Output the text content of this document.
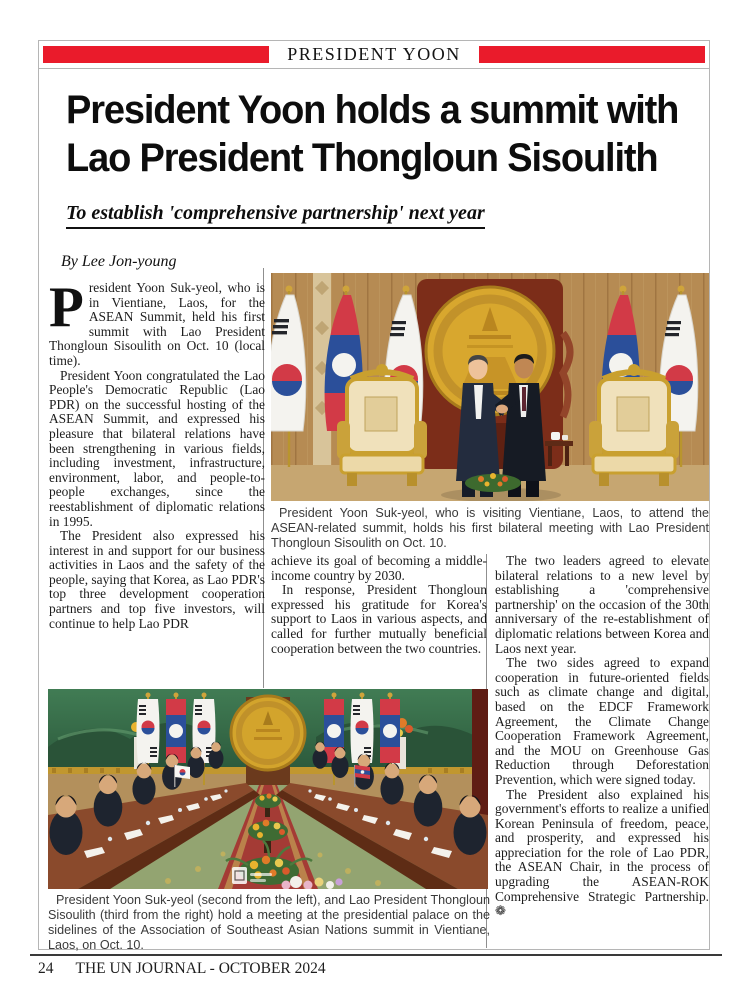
PRESIDENT YOON
President Yoon holds a summit with Lao President Thongloun Sisoulith
To establish 'comprehensive partnership' next year
By Lee Jon-young

President Yoon Suk-yeol, who is in Vientiane, Laos, for the ASEAN Summit, held his first summit with Lao President Thongloun Sisoulith on Oct. 10 (local time).

President Yoon congratulated the Lao People's Democratic Republic (Lao PDR) on the successful hosting of the ASEAN Summit, and expressed his pleasure that bilateral relations have been strengthening in various fields, including investment, infrastructure, environment, labor, and people-to-people exchanges, since the reestablishment of diplomatic relations in 1995.

The President also expressed his interest in and support for our business activities in Laos and the safety of the people, saying that Korea, as Lao PDR's top three development cooperation partners and top five investors, will continue to help Lao PDR

President Yoon Suk-yeol, who is visiting Vientiane, Laos, to attend the ASEAN-related summit, holds his first bilateral meeting with Lao President Thongloun Sisoulith on Oct. 10.

achieve its goal of becoming a middle-income country by 2030.

In response, President Thongloun expressed his gratitude for Korea's support to Laos in various aspects, and called for further mutually beneficial cooperation between the two countries.

The two leaders agreed to elevate bilateral relations to a new level by establishing a 'comprehensive partnership' on the occasion of the 30th anniversary of the re-establishment of diplomatic relations between Korea and Laos next year.

The two sides agreed to expand cooperation in future-oriented fields such as climate change and digital, based on the EDCF Framework Agreement, the Climate Change Cooperation Framework Agreement, and the MOU on Greenhouse Gas Reduction through Deforestation Prevention, which were signed today.

The President also explained his government's efforts to realize a unified Korean Peninsula of freedom, peace, and prosperity, and expressed his appreciation for the role of Lao PDR, the ASEAN Chair, in the process of upgrading the ASEAN-ROK Comprehensive Strategic Partnership. ❁

President Yoon Suk-yeol (second from the left), and Lao President Thongloun Sisoulith (third from the right) hold a meeting at the presidential palace on the sidelines of the Association of Southeast Asian Nations summit in Vientiane, Laos, on Oct. 10.
24 THE UN JOURNAL - OCTOBER 2024
